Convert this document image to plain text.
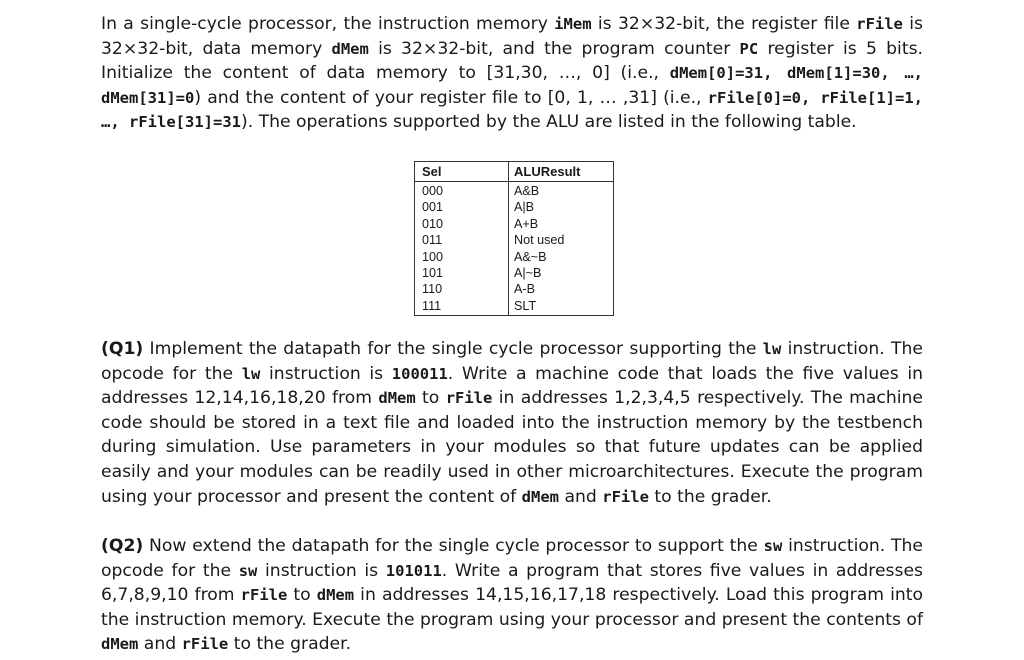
In a single-cycle processor, the instruction memory iMem is 32×32-bit, the register file rFile is 32×32-bit, data memory dMem is 32×32-bit, and the program counter PC register is 5 bits. Initialize the content of data memory to [31,30, …, 0] (i.e., dMem[0]=31, dMem[1]=30, …, dMem[31]=0) and the content of your register file to [0, 1, … ,31] (i.e., rFile[0]=0, rFile[1]=1, …, rFile[31]=31). The operations supported by the ALU are listed in the following table.
Sel	ALUResult
000
001
010
011
100
101
110
111
A&B
A|B
A+B
Not used
A&~B
A|~B
A-B
SLT
(Q1) Implement the datapath for the single cycle processor supporting the lw instruction. The opcode for the lw instruction is 100011. Write a machine code that loads the five values in addresses 12,14,16,18,20 from dMem to rFile in addresses 1,2,3,4,5 respectively. The machine code should be stored in a text file and loaded into the instruction memory by the testbench during simulation. Use parameters in your modules so that future updates can be applied easily and your modules can be readily used in other microarchitectures. Execute the program using your processor and present the content of dMem and rFile to the grader.
(Q2) Now extend the datapath for the single cycle processor to support the sw instruction. The opcode for the sw instruction is 101011. Write a program that stores five values in addresses 6,7,8,9,10 from rFile to dMem in addresses 14,15,16,17,18 respectively. Load this program into the instruction memory. Execute the program using your processor and present the contents of dMem and rFile to the grader.
